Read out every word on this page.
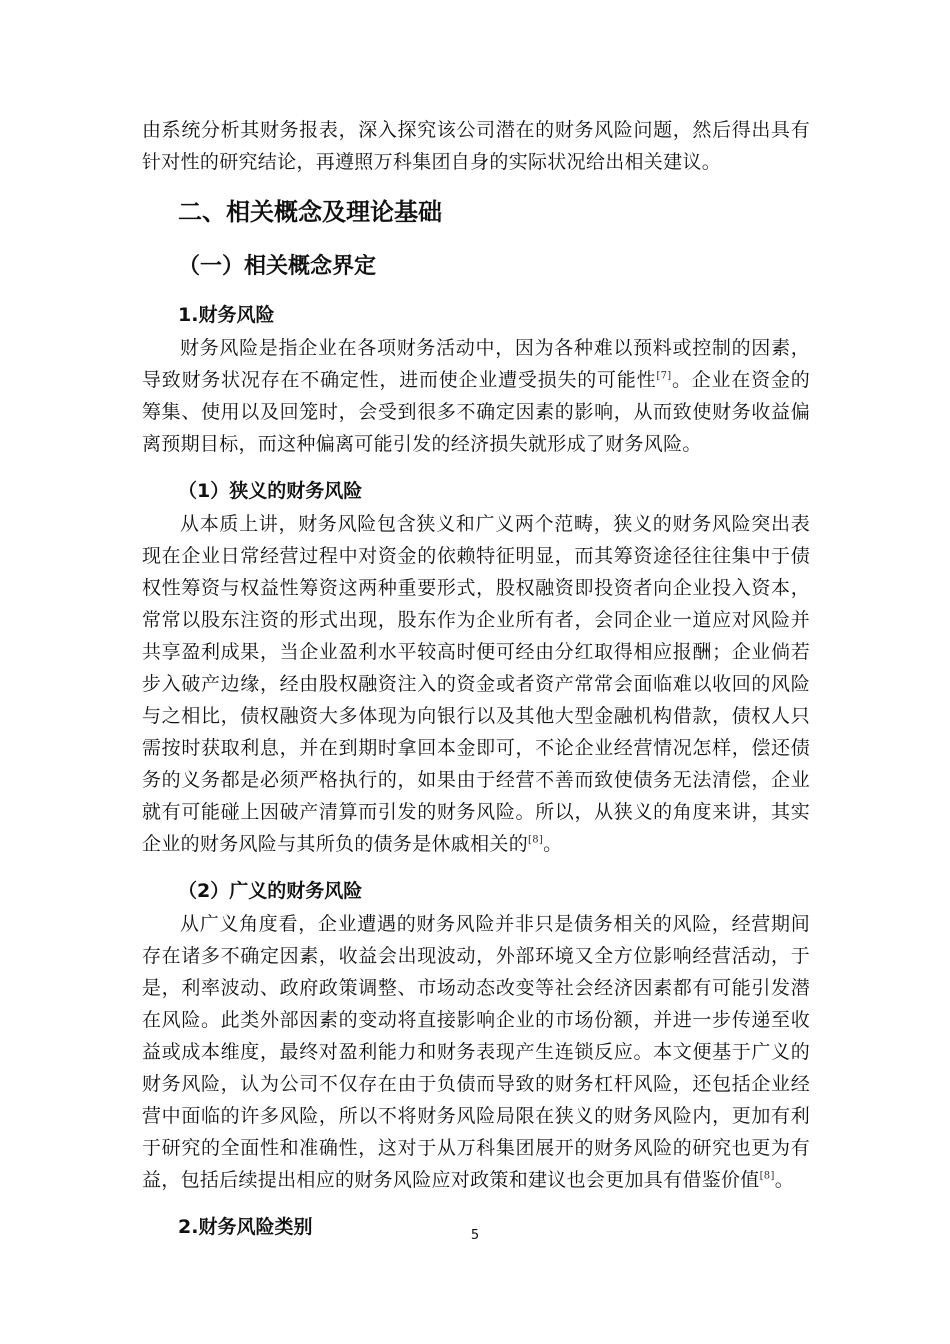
由系统分析其财务报表，深入探究该公司潜在的财务风险问题，然后得出具有针对性的研究结论，再遵照万科集团自身的实际状况给出相关建议。

二、相关概念及理论基础
（一）相关概念界定
1.财务风险

财务风险是指企业在各项财务活动中，因为各种难以预料或控制的因素，导致财务状况存在不确定性，进而使企业遭受损失的可能性[7]。企业在资金的筹集、使用以及回笼时，会受到很多不确定因素的影响，从而致使财务收益偏离预期目标，而这种偏离可能引发的经济损失就形成了财务风险。

（1）狭义的财务风险

从本质上讲，财务风险包含狭义和广义两个范畴，狭义的财务风险突出表现在企业日常经营过程中对资金的依赖特征明显，而其筹资途径往往集中于债权性筹资与权益性筹资这两种重要形式，股权融资即投资者向企业投入资本，常常以股东注资的形式出现，股东作为企业所有者，会同企业一道应对风险并共享盈利成果，当企业盈利水平较高时便可经由分红取得相应报酬；企业倘若步入破产边缘，经由股权融资注入的资金或者资产常常会面临难以收回的风险与之相比，债权融资大多体现为向银行以及其他大型金融机构借款，债权人只需按时获取利息，并在到期时拿回本金即可，不论企业经营情况怎样，偿还债务的义务都是必须严格执行的，如果由于经营不善而致使债务无法清偿，企业就有可能碰上因破产清算而引发的财务风险。所以，从狭义的角度来讲，其实企业的财务风险与其所负的债务是休戚相关的[8]。

（2）广义的财务风险

从广义角度看，企业遭遇的财务风险并非只是债务相关的风险，经营期间存在诸多不确定因素，收益会出现波动，外部环境又全方位影响经营活动，于是，利率波动、政府政策调整、市场动态改变等社会经济因素都有可能引发潜在风险。此类外部因素的变动将直接影响企业的市场份额，并进一步传递至收益或成本维度，最终对盈利能力和财务表现产生连锁反应。本文便基于广义的财务风险，认为公司不仅存在由于负债而导致的财务杠杆风险，还包括企业经营中面临的许多风险，所以不将财务风险局限在狭义的财务风险内，更加有利于研究的全面性和准确性，这对于从万科集团展开的财务风险的研究也更为有益，包括后续提出相应的财务风险应对政策和建议也会更加具有借鉴价值[8]。

2.财务风险类别	5
